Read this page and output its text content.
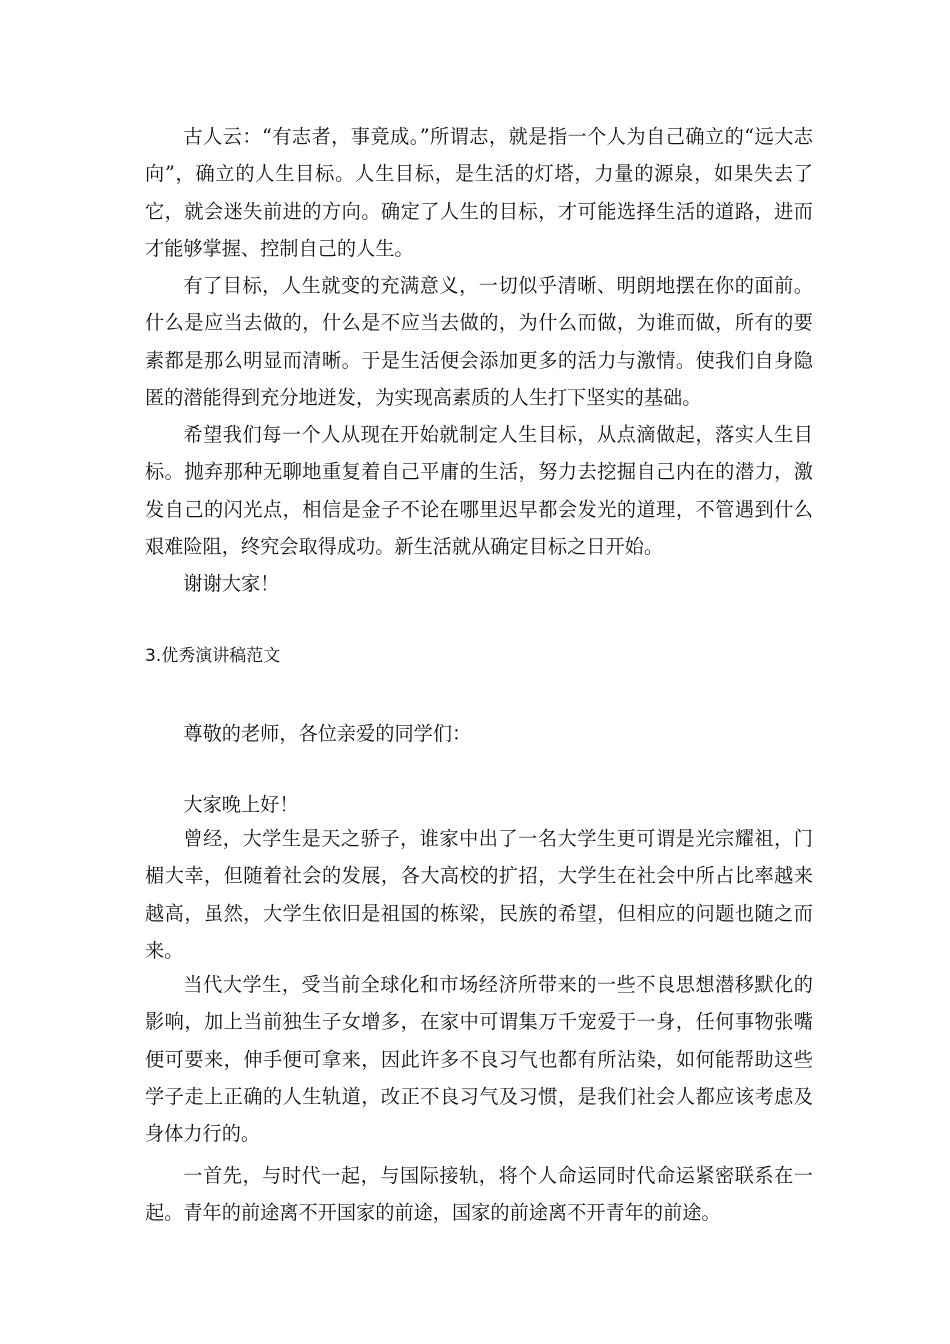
古人云：“有志者，事竟成。”所谓志，就是指一个人为自己确立的“远大志向”，确立的人生目标。人生目标，是生活的灯塔，力量的源泉，如果失去了它，就会迷失前进的方向。确定了人生的目标，才可能选择生活的道路，进而才能够掌握、控制自己的人生。

有了目标，人生就变的充满意义，一切似乎清晰、明朗地摆在你的面前。什么是应当去做的，什么是不应当去做的，为什么而做，为谁而做，所有的要素都是那么明显而清晰。于是生活便会添加更多的活力与激情。使我们自身隐匿的潜能得到充分地迸发，为实现高素质的人生打下坚实的基础。

希望我们每一个人从现在开始就制定人生目标，从点滴做起，落实人生目标。抛弃那种无聊地重复着自己平庸的生活，努力去挖掘自己内在的潜力，激发自己的闪光点，相信是金子不论在哪里迟早都会发光的道理，不管遇到什么艰难险阻，终究会取得成功。新生活就从确定目标之日开始。

谢谢大家！

3.优秀演讲稿范文

尊敬的老师，各位亲爱的同学们：

大家晚上好！

曾经，大学生是天之骄子，谁家中出了一名大学生更可谓是光宗耀祖，门楣大幸，但随着社会的发展，各大高校的扩招，大学生在社会中所占比率越来越高，虽然，大学生依旧是祖国的栋梁，民族的希望，但相应的问题也随之而来。

当代大学生，受当前全球化和市场经济所带来的一些不良思想潜移默化的影响，加上当前独生子女增多，在家中可谓集万千宠爱于一身，任何事物张嘴便可要来，伸手便可拿来，因此许多不良习气也都有所沾染，如何能帮助这些学子走上正确的人生轨道，改正不良习气及习惯，是我们社会人都应该考虑及身体力行的。

一首先，与时代一起，与国际接轨，将个人命运同时代命运紧密联系在一起。青年的前途离不开国家的前途，国家的前途离不开青年的前途。
